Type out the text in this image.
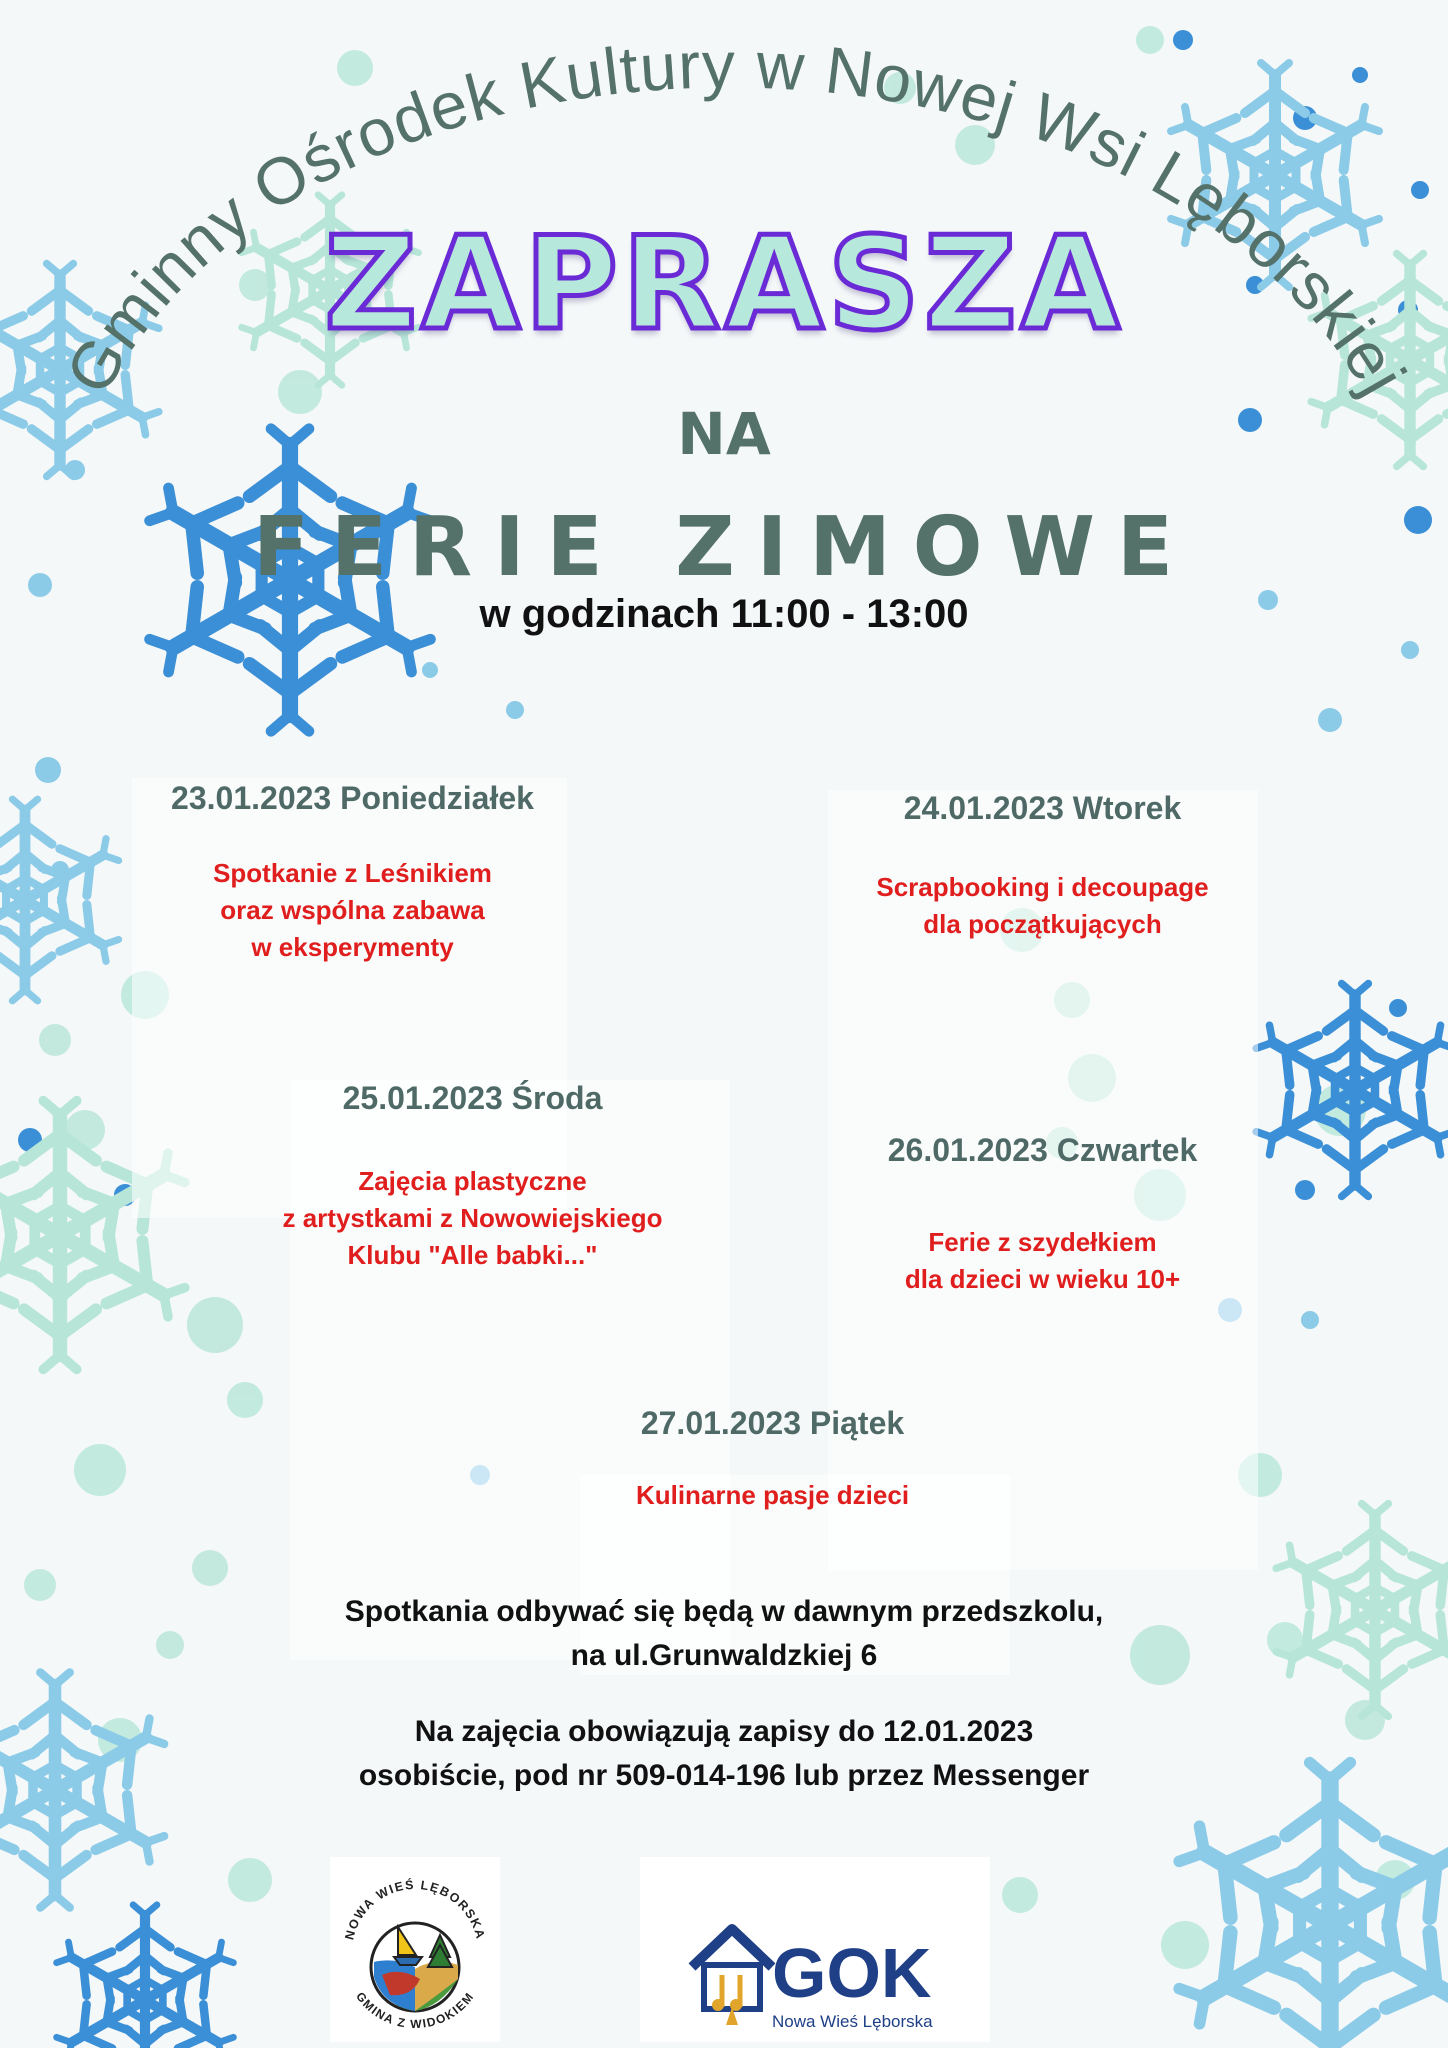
Gminny Ośrodek Kultury w Nowej Wsi Lęborskiej
ZAPRASZA
NA
FERIE ZIMOWE
w godzinach 11:00 - 13:00
23.01.2023 Poniedziałek
Spotkanie z Leśnikiem
oraz wspólna zabawa
w eksperymenty
24.01.2023 Wtorek
Scrapbooking i decoupage
dla początkujących
25.01.2023 Środa
Zajęcia plastyczne
z artystkami z Nowowiejskiego
Klubu "Alle babki..."
26.01.2023 Czwartek
Ferie z szydełkiem
dla dzieci w wieku 10+
27.01.2023 Piątek
Kulinarne pasje dzieci
Spotkania odbywać się będą w dawnym przedszkolu,
na ul.Grunwaldzkiej 6
Na zajęcia obowiązują zapisy do 12.01.2023
osobiście, pod nr 509-014-196 lub przez Messenger
NOWA WIEŚ LĘBORSKA
GMINA Z WIDOKIEM	GOK
Nowa Wieś Lęborska
